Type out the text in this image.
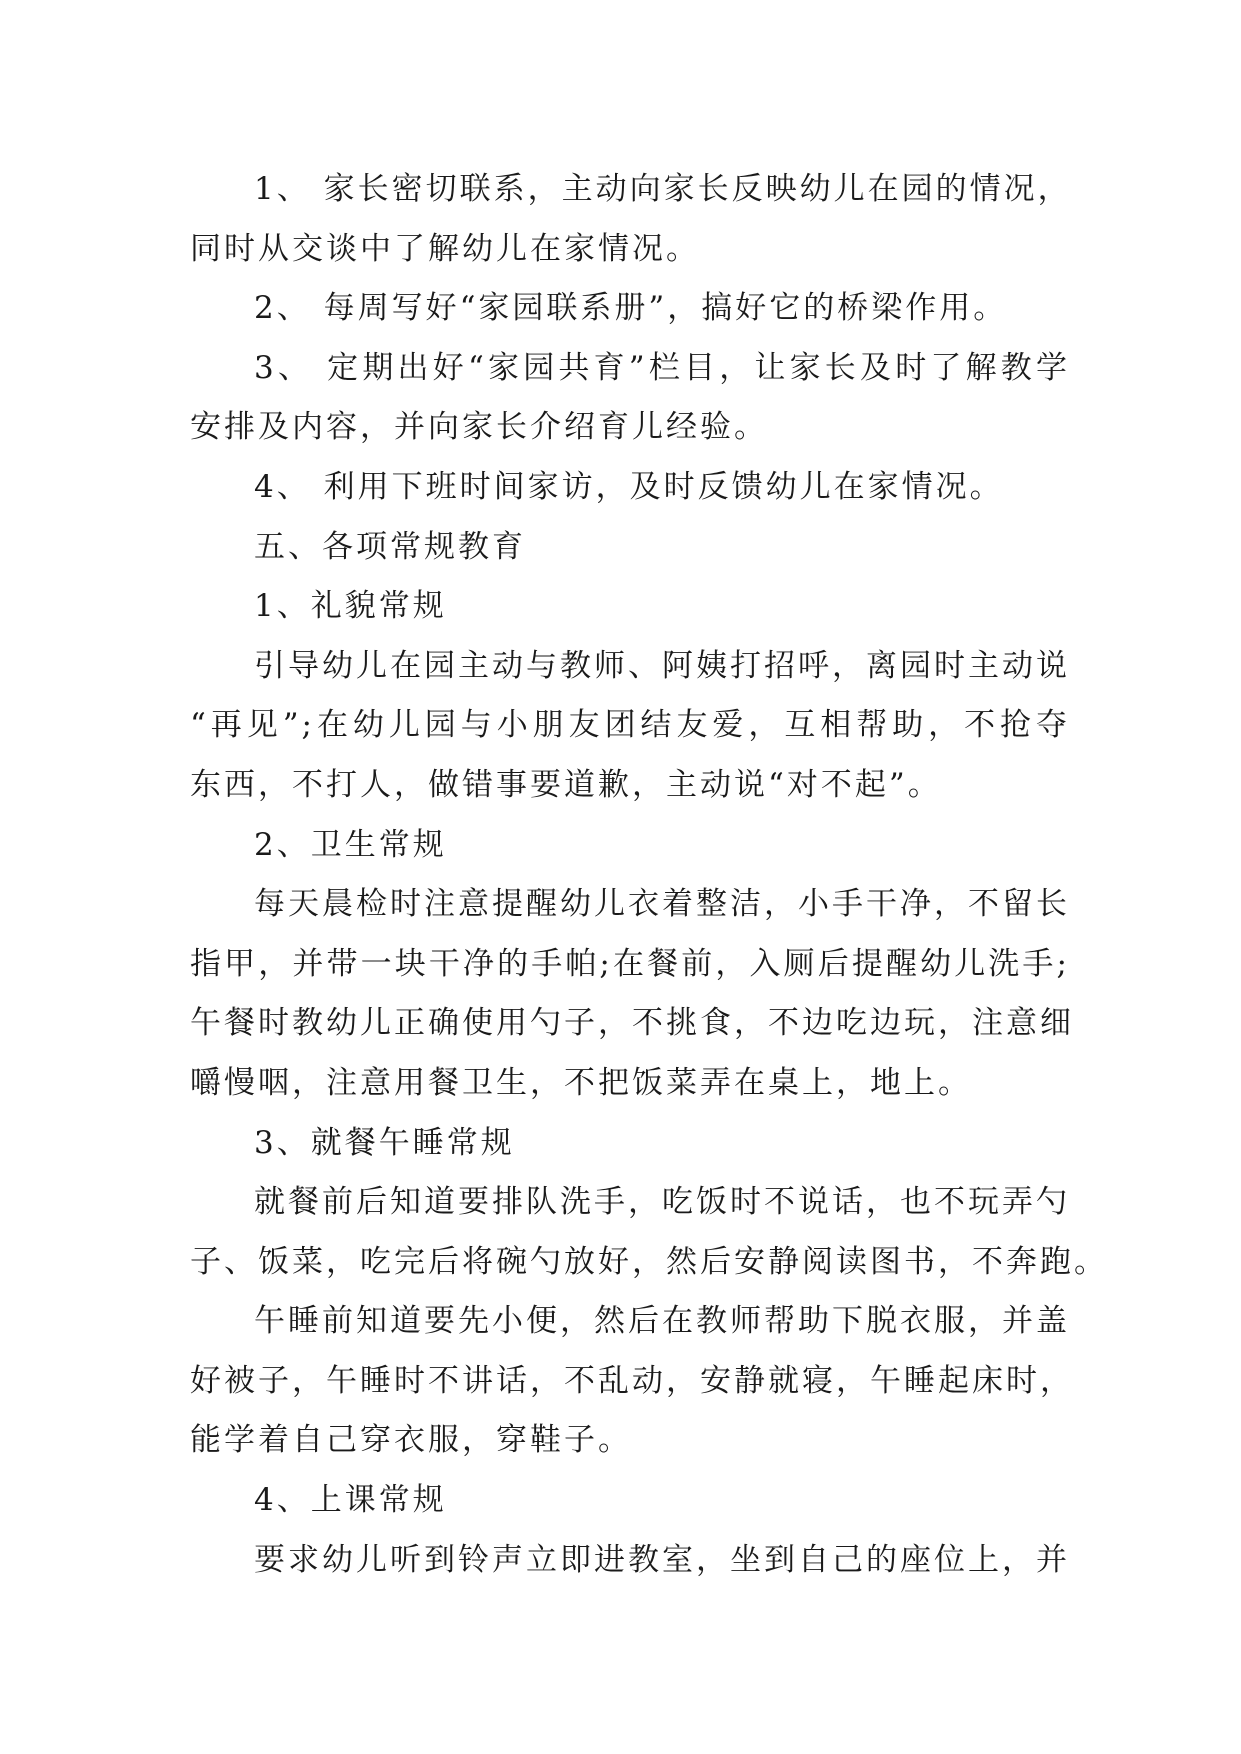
1、 家长密切联系，主动向家长反映幼儿在园的情况，
同时从交谈中了解幼儿在家情况。
2、 每周写好“家园联系册”，搞好它的桥梁作用。
3、 定期出好“家园共育”栏目，让家长及时了解教学
安排及内容，并向家长介绍育儿经验。
4、 利用下班时间家访，及时反馈幼儿在家情况。
五、各项常规教育
1、礼貌常规
引导幼儿在园主动与教师、阿姨打招呼，离园时主动说
“再见”;在幼儿园与小朋友团结友爱，互相帮助，不抢夺
东西，不打人，做错事要道歉，主动说“对不起”。
2、卫生常规
每天晨检时注意提醒幼儿衣着整洁，小手干净，不留长
指甲，并带一块干净的手帕;在餐前，入厕后提醒幼儿洗手;
午餐时教幼儿正确使用勺子，不挑食，不边吃边玩，注意细
嚼慢咽，注意用餐卫生，不把饭菜弄在桌上，地上。
3、就餐午睡常规
就餐前后知道要排队洗手，吃饭时不说话，也不玩弄勺
子、饭菜，吃完后将碗勺放好，然后安静阅读图书，不奔跑。
午睡前知道要先小便，然后在教师帮助下脱衣服，并盖
好被子，午睡时不讲话，不乱动，安静就寝，午睡起床时，
能学着自己穿衣服，穿鞋子。
4、上课常规
要求幼儿听到铃声立即进教室，坐到自己的座位上，并
